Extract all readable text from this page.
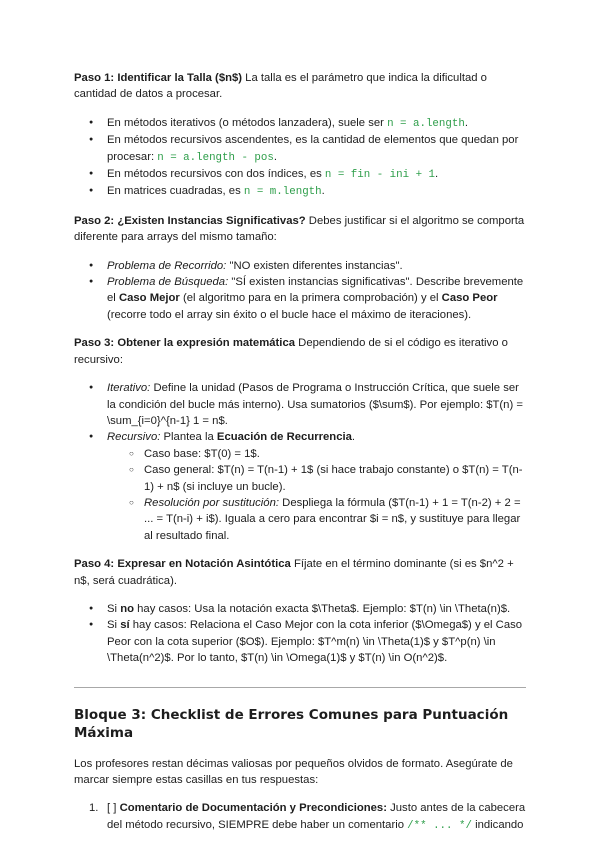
Paso 1: Identificar la Talla ($n$) La talla es el parámetro que indica la dificultad o cantidad de datos a procesar.

● En métodos iterativos (o métodos lanzadera), suele ser n = a.length.
● En métodos recursivos ascendentes, es la cantidad de elementos que quedan por procesar: n = a.length - pos.
● En métodos recursivos con dos índices, es n = fin - ini + 1.
● En matrices cuadradas, es n = m.length.

Paso 2: ¿Existen Instancias Significativas? Debes justificar si el algoritmo se comporta diferente para arrays del mismo tamaño:

● Problema de Recorrido: "NO existen diferentes instancias".
● Problema de Búsqueda: "SÍ existen instancias significativas". Describe brevemente el Caso Mejor (el algoritmo para en la primera comprobación) y el Caso Peor (recorre todo el array sin éxito o el bucle hace el máximo de iteraciones).

Paso 3: Obtener la expresión matemática Dependiendo de si el código es iterativo o recursivo:

● Iterativo: Define la unidad (Pasos de Programa o Instrucción Crítica, que suele ser la condición del bucle más interno). Usa sumatorios ($\sum$). Por ejemplo: $T(n) = \sum_{i=0}^{n-1} 1 = n$.
● Recursivo: Plantea la Ecuación de Recurrencia.
○ Caso base: $T(0) = 1$.
○ Caso general: $T(n) = T(n-1) + 1$ (si hace trabajo constante) o $T(n) = T(n-1) + n$ (si incluye un bucle).
○ Resolución por sustitución: Despliega la fórmula ($T(n-1) + 1 = T(n-2) + 2 = ... = T(n-i) + i$). Iguala a cero para encontrar $i = n$, y sustituye para llegar al resultado final.

Paso 4: Expresar en Notación Asintótica Fíjate en el término dominante (si es $n^2 + n$, será cuadrática).

● Si no hay casos: Usa la notación exacta $\Theta$. Ejemplo: $T(n) \in \Theta(n)$.
● Si sí hay casos: Relaciona el Caso Mejor con la cota inferior ($\Omega$) y el Caso Peor con la cota superior ($O$). Ejemplo: $T^m(n) \in \Theta(1)$ y $T^p(n) \in \Theta(n^2)$. Por lo tanto, $T(n) \in \Omega(1)$ y $T(n) \in O(n^2)$.
Bloque 3: Checklist de Errores Comunes para Puntuación Máxima

Los profesores restan décimas valiosas por pequeños olvidos de formato. Asegúrate de marcar siempre estas casillas en tus respuestas:

1. [ ] Comentario de Documentación y Precondiciones: Justo antes de la cabecera del método recursivo, SIEMPRE debe haber un comentario /** ... */ indicando
